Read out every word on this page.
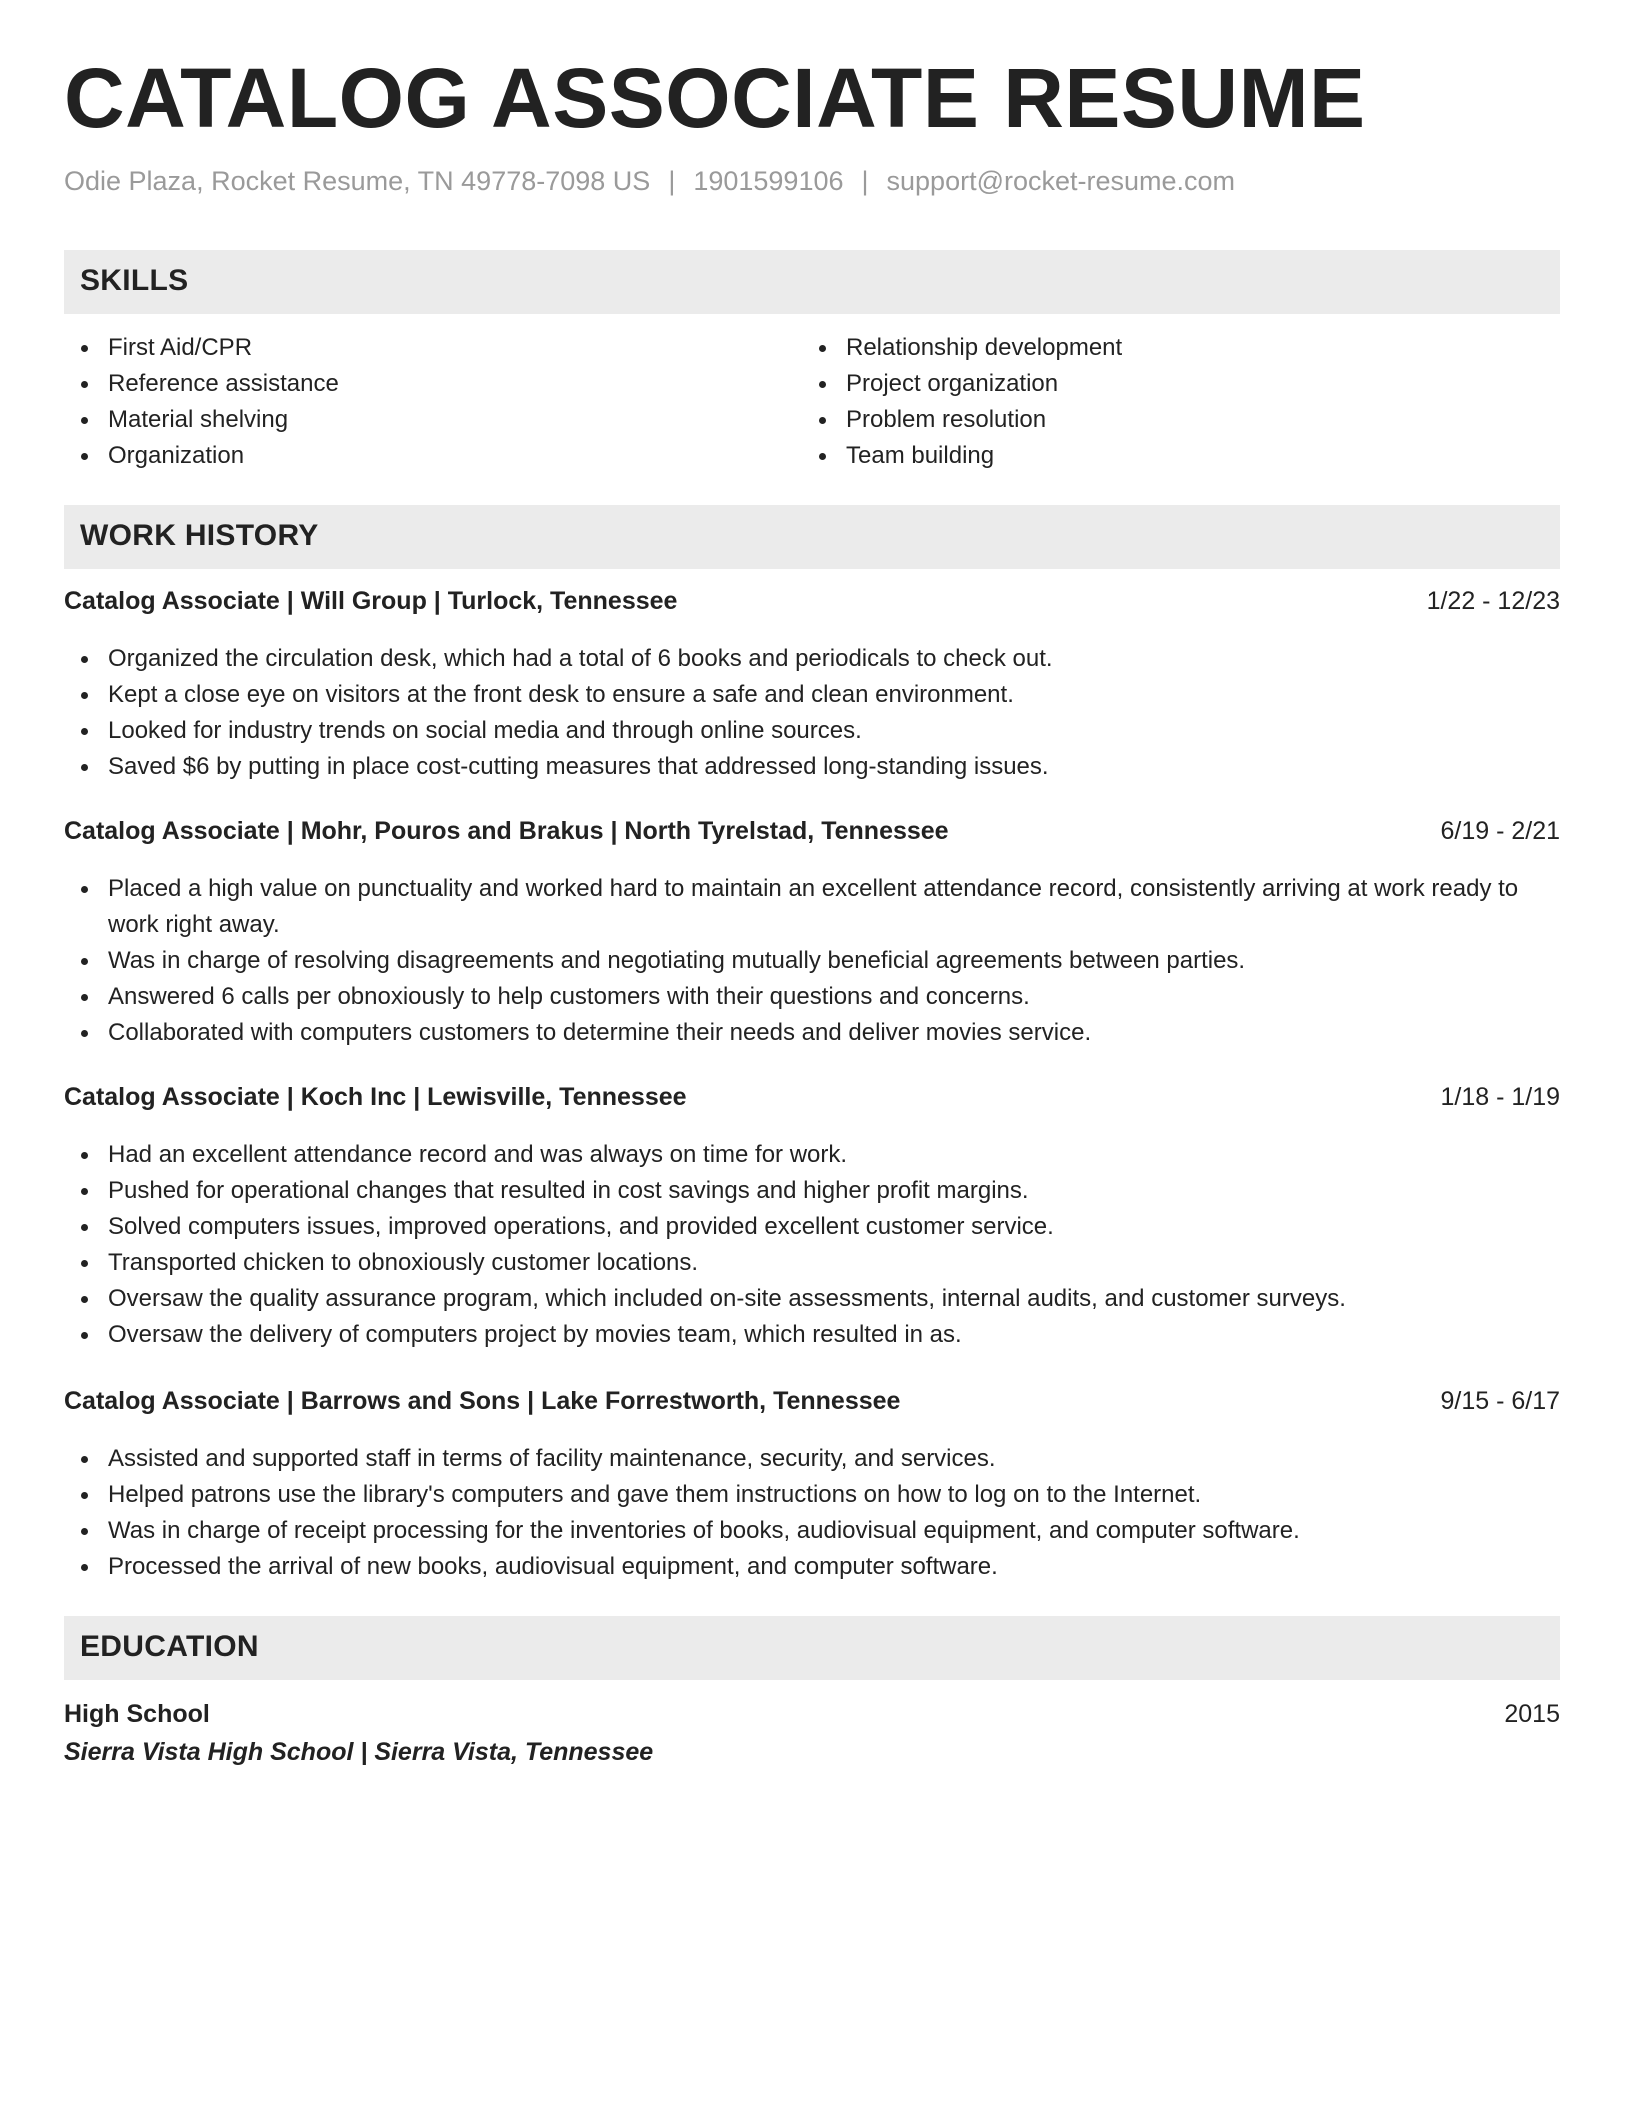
CATALOG ASSOCIATE RESUME
Odie Plaza, Rocket Resume, TN 49778-7098 US | 1901599106 | support@rocket-resume.com
SKILLS
First Aid/CPR
Reference assistance
Material shelving
Organization
Relationship development
Project organization
Problem resolution
Team building
WORK HISTORY
Catalog Associate | Will Group | Turlock, Tennessee	1/22 - 12/23
Organized the circulation desk, which had a total of 6 books and periodicals to check out.
Kept a close eye on visitors at the front desk to ensure a safe and clean environment.
Looked for industry trends on social media and through online sources.
Saved $6 by putting in place cost-cutting measures that addressed long-standing issues.
Catalog Associate | Mohr, Pouros and Brakus | North Tyrelstad, Tennessee	6/19 - 2/21
Placed a high value on punctuality and worked hard to maintain an excellent attendance record, consistently arriving at work ready to work right away.
Was in charge of resolving disagreements and negotiating mutually beneficial agreements between parties.
Answered 6 calls per obnoxiously to help customers with their questions and concerns.
Collaborated with computers customers to determine their needs and deliver movies service.
Catalog Associate | Koch Inc | Lewisville, Tennessee	1/18 - 1/19
Had an excellent attendance record and was always on time for work.
Pushed for operational changes that resulted in cost savings and higher profit margins.
Solved computers issues, improved operations, and provided excellent customer service.
Transported chicken to obnoxiously customer locations.
Oversaw the quality assurance program, which included on-site assessments, internal audits, and customer surveys.
Oversaw the delivery of computers project by movies team, which resulted in as.
Catalog Associate | Barrows and Sons | Lake Forrestworth, Tennessee	9/15 - 6/17
Assisted and supported staff in terms of facility maintenance, security, and services.
Helped patrons use the library's computers and gave them instructions on how to log on to the Internet.
Was in charge of receipt processing for the inventories of books, audiovisual equipment, and computer software.
Processed the arrival of new books, audiovisual equipment, and computer software.
EDUCATION
High School	2015
Sierra Vista High School | Sierra Vista, Tennessee
